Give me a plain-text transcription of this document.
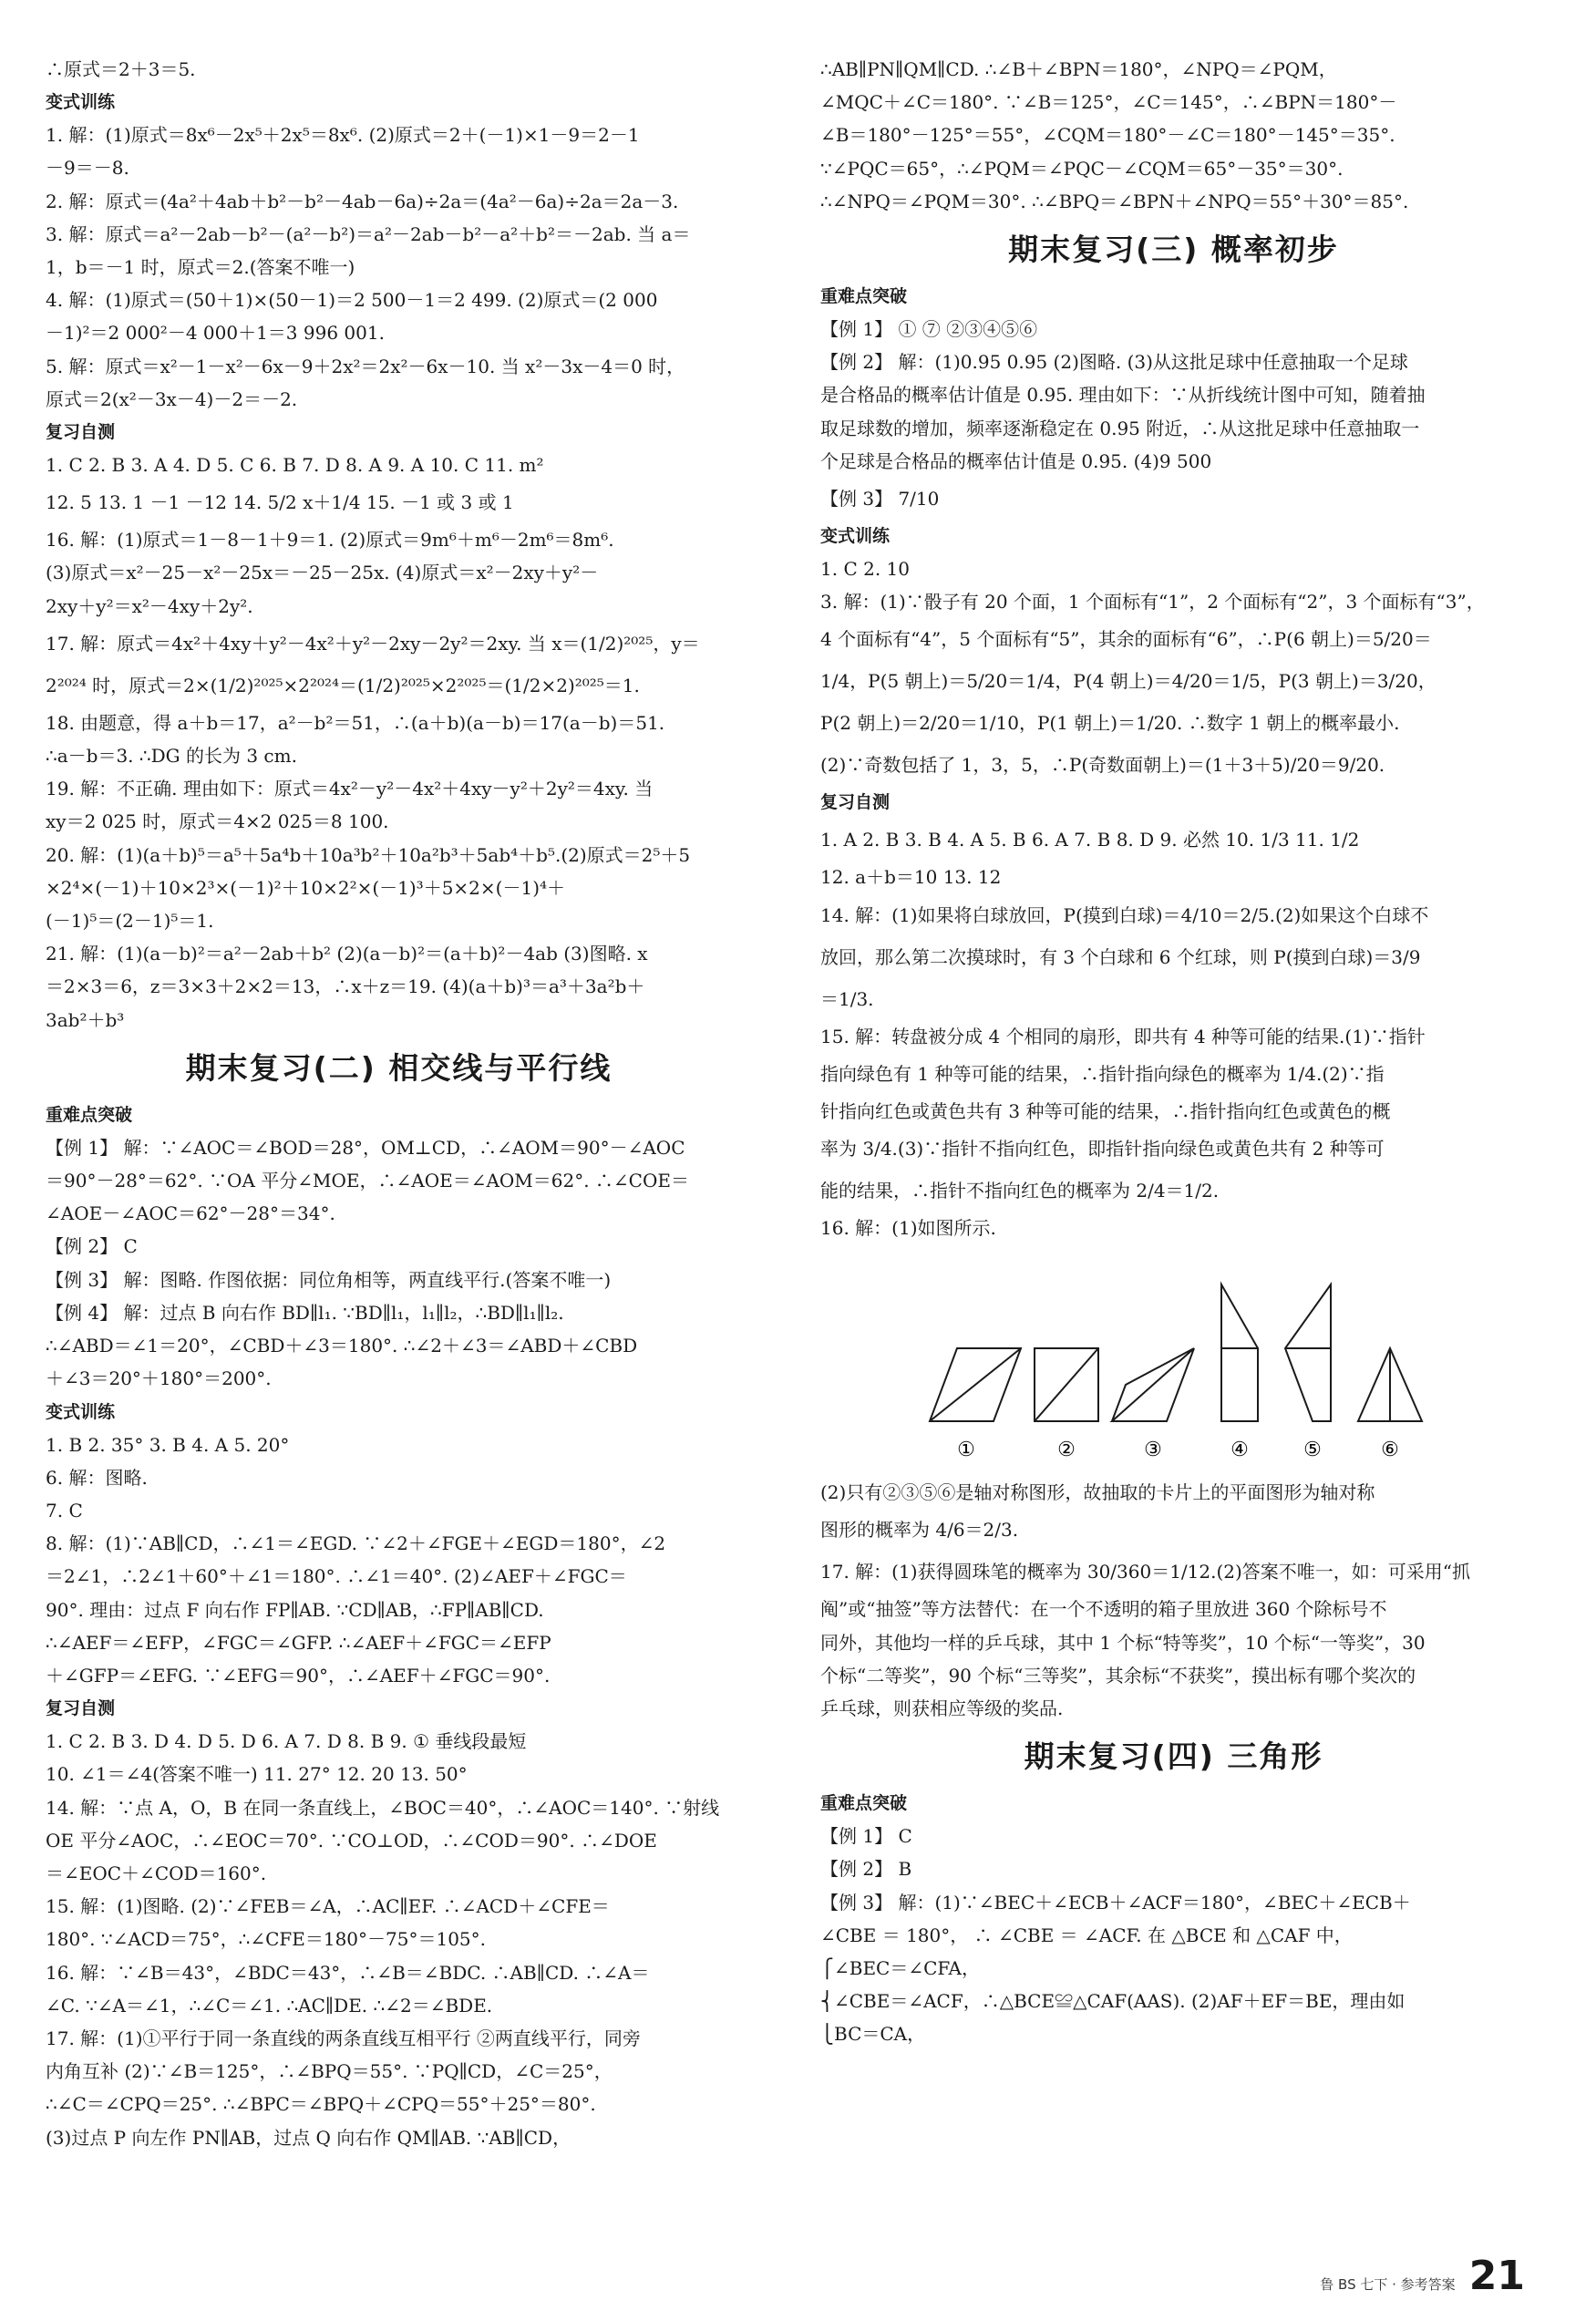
∴原式＝2＋3＝5.
变式训练
1. 解：(1)原式＝8x⁶－2x⁵＋2x⁵＝8x⁶. (2)原式＝2＋(－1)×1－9＝2－1
－9＝－8.
2. 解：原式＝(4a²＋4ab＋b²－b²－4ab－6a)÷2a＝(4a²－6a)÷2a＝2a－3.
3. 解：原式＝a²－2ab－b²－(a²－b²)＝a²－2ab－b²－a²＋b²＝－2ab. 当 a＝
1，b＝－1 时，原式＝2.(答案不唯一)
4. 解：(1)原式＝(50＋1)×(50－1)＝2 500－1＝2 499. (2)原式＝(2 000
－1)²＝2 000²－4 000＋1＝3 996 001.
5. 解：原式＝x²－1－x²－6x－9＋2x²＝2x²－6x－10. 当 x²－3x－4＝0 时，
原式＝2(x²－3x－4)－2＝－2.
复习自测
1. C 2. B 3. A 4. D 5. C 6. B 7. D 8. A 9. A 10. C 11. m²
12. 5 13. 1 －1 －12 14. 5/2 x＋1/4 15. －1 或 3 或 1
16. 解：(1)原式＝1－8－1＋9＝1. (2)原式＝9m⁶＋m⁶－2m⁶＝8m⁶.
(3)原式＝x²－25－x²－25x＝－25－25x. (4)原式＝x²－2xy＋y²－
2xy＋y²＝x²－4xy＋2y².
17. 解：原式＝4x²＋4xy＋y²－4x²＋y²－2xy－2y²＝2xy. 当 x＝(1/2)²⁰²⁵，y＝
2²⁰²⁴ 时，原式＝2×(1/2)²⁰²⁵×2²⁰²⁴＝(1/2)²⁰²⁵×2²⁰²⁵＝(1/2×2)²⁰²⁵＝1.
18. 由题意，得 a＋b＝17，a²－b²＝51，∴(a＋b)(a－b)＝17(a－b)＝51.
∴a－b＝3. ∴DG 的长为 3 cm.
19. 解：不正确. 理由如下：原式＝4x²－y²－4x²＋4xy－y²＋2y²＝4xy. 当
xy＝2 025 时，原式＝4×2 025＝8 100.
20. 解：(1)(a＋b)⁵＝a⁵＋5a⁴b＋10a³b²＋10a²b³＋5ab⁴＋b⁵.(2)原式＝2⁵＋5
×2⁴×(－1)＋10×2³×(－1)²＋10×2²×(－1)³＋5×2×(－1)⁴＋
(－1)⁵＝(2－1)⁵＝1.
21. 解：(1)(a－b)²＝a²－2ab＋b² (2)(a－b)²＝(a＋b)²－4ab (3)图略. x
＝2×3＝6，z＝3×3＋2×2＝13，∴x＋z＝19. (4)(a＋b)³＝a³＋3a²b＋
3ab²＋b³
期末复习(二) 相交线与平行线
重难点突破
【例 1】 解：∵∠AOC＝∠BOD＝28°，OM⊥CD，∴∠AOM＝90°－∠AOC
＝90°－28°＝62°. ∵OA 平分∠MOE，∴∠AOE＝∠AOM＝62°. ∴∠COE＝
∠AOE－∠AOC＝62°－28°＝34°.
【例 2】 C
【例 3】 解：图略. 作图依据：同位角相等，两直线平行.(答案不唯一)
【例 4】 解：过点 B 向右作 BD∥l₁. ∵BD∥l₁，l₁∥l₂，∴BD∥l₁∥l₂.
∴∠ABD＝∠1＝20°，∠CBD＋∠3＝180°. ∴∠2＋∠3＝∠ABD＋∠CBD
＋∠3＝20°＋180°＝200°.
变式训练
1. B 2. 35° 3. B 4. A 5. 20°
6. 解：图略.
7. C
8. 解：(1)∵AB∥CD，∴∠1＝∠EGD. ∵∠2＋∠FGE＋∠EGD＝180°，∠2
＝2∠1，∴2∠1＋60°＋∠1＝180°. ∴∠1＝40°. (2)∠AEF＋∠FGC＝
90°. 理由：过点 F 向右作 FP∥AB. ∵CD∥AB，∴FP∥AB∥CD.
∴∠AEF＝∠EFP，∠FGC＝∠GFP. ∴∠AEF＋∠FGC＝∠EFP
＋∠GFP＝∠EFG. ∵∠EFG＝90°，∴∠AEF＋∠FGC＝90°.
复习自测
1. C 2. B 3. D 4. D 5. D 6. A 7. D 8. B 9. ① 垂线段最短
10. ∠1＝∠4(答案不唯一) 11. 27° 12. 20 13. 50°
14. 解：∵点 A，O，B 在同一条直线上，∠BOC＝40°，∴∠AOC＝140°. ∵射线
OE 平分∠AOC，∴∠EOC＝70°. ∵CO⊥OD，∴∠COD＝90°. ∴∠DOE
＝∠EOC＋∠COD＝160°.
15. 解：(1)图略. (2)∵∠FEB＝∠A，∴AC∥EF. ∴∠ACD＋∠CFE＝
180°. ∵∠ACD＝75°，∴∠CFE＝180°－75°＝105°.
16. 解：∵∠B＝43°，∠BDC＝43°，∴∠B＝∠BDC. ∴AB∥CD. ∴∠A＝
∠C. ∵∠A＝∠1，∴∠C＝∠1. ∴AC∥DE. ∴∠2＝∠BDE.
17. 解：(1)①平行于同一条直线的两条直线互相平行 ②两直线平行，同旁
内角互补 (2)∵∠B＝125°，∴∠BPQ＝55°. ∵PQ∥CD，∠C＝25°，
∴∠C＝∠CPQ＝25°. ∴∠BPC＝∠BPQ＋∠CPQ＝55°＋25°＝80°.
(3)过点 P 向左作 PN∥AB，过点 Q 向右作 QM∥AB. ∵AB∥CD，
∴AB∥PN∥QM∥CD. ∴∠B＋∠BPN＝180°，∠NPQ＝∠PQM，
∠MQC＋∠C＝180°. ∵∠B＝125°，∠C＝145°，∴∠BPN＝180°－
∠B＝180°－125°＝55°，∠CQM＝180°－∠C＝180°－145°＝35°.
∵∠PQC＝65°，∴∠PQM＝∠PQC－∠CQM＝65°－35°＝30°.
∴∠NPQ＝∠PQM＝30°. ∴∠BPQ＝∠BPN＋∠NPQ＝55°＋30°＝85°.
期末复习(三) 概率初步
重难点突破
【例 1】 ① ⑦ ②③④⑤⑥
【例 2】 解：(1)0.95 0.95 (2)图略. (3)从这批足球中任意抽取一个足球
是合格品的概率估计值是 0.95. 理由如下：∵从折线统计图中可知，随着抽
取足球数的增加，频率逐渐稳定在 0.95 附近，∴从这批足球中任意抽取一
个足球是合格品的概率估计值是 0.95. (4)9 500
【例 3】 7/10
变式训练
1. C 2. 10
3. 解：(1)∵骰子有 20 个面，1 个面标有“1”，2 个面标有“2”，3 个面标有“3”，
4 个面标有“4”，5 个面标有“5”，其余的面标有“6”，∴P(6 朝上)＝5/20＝
1/4，P(5 朝上)＝5/20＝1/4，P(4 朝上)＝4/20＝1/5，P(3 朝上)＝3/20，
P(2 朝上)＝2/20＝1/10，P(1 朝上)＝1/20. ∴数字 1 朝上的概率最小.
(2)∵奇数包括了 1，3，5，∴P(奇数面朝上)＝(1＋3＋5)/20＝9/20.
复习自测
1. A 2. B 3. B 4. A 5. B 6. A 7. B 8. D 9. 必然 10. 1/3 11. 1/2
12. a＋b＝10 13. 12
14. 解：(1)如果将白球放回，P(摸到白球)＝4/10＝2/5.(2)如果这个白球不
放回，那么第二次摸球时，有 3 个白球和 6 个红球，则 P(摸到白球)＝3/9
＝1/3.
15. 解：转盘被分成 4 个相同的扇形，即共有 4 种等可能的结果.(1)∵指针
指向绿色有 1 种等可能的结果，∴指针指向绿色的概率为 1/4.(2)∵指
针指向红色或黄色共有 3 种等可能的结果，∴指针指向红色或黄色的概
率为 3/4.(3)∵指针不指向红色，即指针指向绿色或黄色共有 2 种等可
能的结果，∴指针不指向红色的概率为 2/4＝1/2.
16. 解：(1)如图所示.
①	②	③	④	⑤	⑥
(2)只有②③⑤⑥是轴对称图形，故抽取的卡片上的平面图形为轴对称
图形的概率为 4/6＝2/3.
17. 解：(1)获得圆珠笔的概率为 30/360＝1/12.(2)答案不唯一，如：可采用“抓
阄”或“抽签”等方法替代：在一个不透明的箱子里放进 360 个除标号不
同外，其他均一样的乒乓球，其中 1 个标“特等奖”，10 个标“一等奖”，30
个标“二等奖”，90 个标“三等奖”，其余标“不获奖”，摸出标有哪个奖次的
乒乓球，则获相应等级的奖品.
期末复习(四) 三角形
重难点突破
【例 1】 C
【例 2】 B
【例 3】 解：(1)∵∠BEC＋∠ECB＋∠ACF＝180°，∠BEC＋∠ECB＋
∠CBE ＝ 180°， ∴ ∠CBE ＝ ∠ACF. 在 △BCE 和 △CAF 中，
⎧∠BEC＝∠CFA，
⎨∠CBE＝∠ACF，∴△BCE≌△CAF(AAS). (2)AF＋EF＝BE，理由如
⎩BC＝CA，
鲁 BS 七下 · 参考答案 21
